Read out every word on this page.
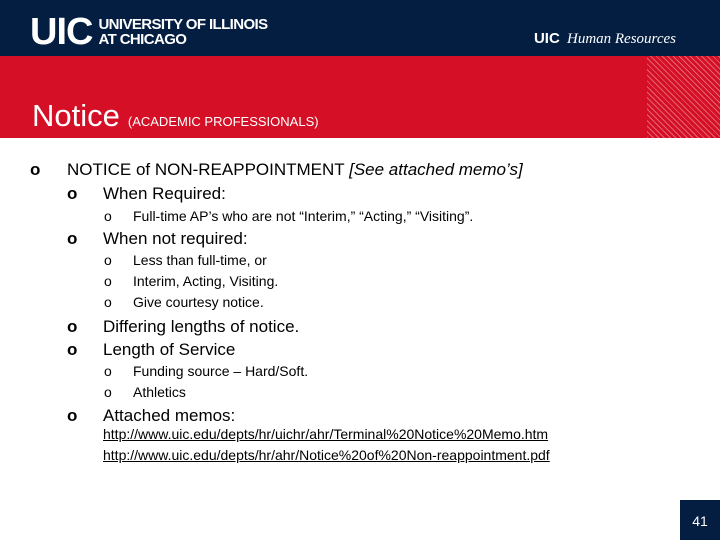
UIC UNIVERSITY OF ILLINOIS
AT CHICAGO	UIC Human Resources
Notice (ACADEMIC PROFESSIONALS)
o NOTICE of NON-REAPPOINTMENT [See attached memo’s]
o When Required:
o Full-time AP’s who are not “Interim,” “Acting,” “Visiting”.
o When not required:
o Less than full-time, or
o Interim, Acting, Visiting.
o Give courtesy notice.
o Differing lengths of notice.
o Length of Service
o Funding source – Hard/Soft.
o Athletics
o Attached memos:
http://www.uic.edu/depts/hr/uichr/ahr/Terminal%20Notice%20Memo.htm
http://www.uic.edu/depts/hr/ahr/Notice%20of%20Non-reappointment.pdf
41
